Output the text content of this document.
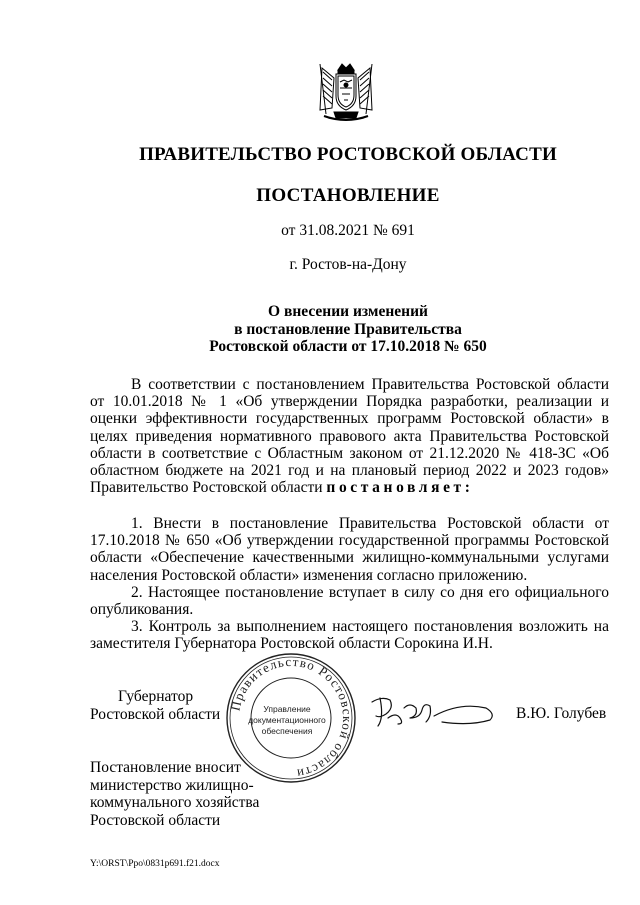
ПРАВИТЕЛЬСТВО РОСТОВСКОЙ ОБЛАСТИ
ПОСТАНОВЛЕНИЕ
от 31.08.2021 № 691
г. Ростов-на-Дону
О внесении изменений
в постановление Правительства
Ростовской области от 17.10.2018 № 650
В соответствии с постановлением Правительства Ростовской области от 10.01.2018 № 1 «Об утверждении Порядка разработки, реализации и оценки эффективности государственных программ Ростовской области» в целях приведения нормативного правового акта Правительства Ростовской области в соответствие с Областным законом от 21.12.2020 № 418-ЗС «Об областном бюджете на 2021 год и на плановый период 2022 и 2023 годов» Правительство Ростовской области постановляет:

1. Внести в постановление Правительства Ростовской области от 17.10.2018 № 650 «Об утверждении государственной программы Ростовской области «Обеспечение качественными жилищно-коммунальными услугами населения Ростовской области» изменения согласно приложению.

2. Настоящее постановление вступает в силу со дня его официального опубликования.

3. Контроль за выполнением настоящего постановления возложить на заместителя Губернатора Ростовской области Сорокина И.Н.

Губернатор
Ростовской области
Правительство Ростовской области
Управление
документационного
обеспечения
В.Ю. Голубев
Постановление вносит
министерство жилищно-
коммунального хозяйства
Ростовской области
Y:\ORST\Ppo\0831p691.f21.docx
